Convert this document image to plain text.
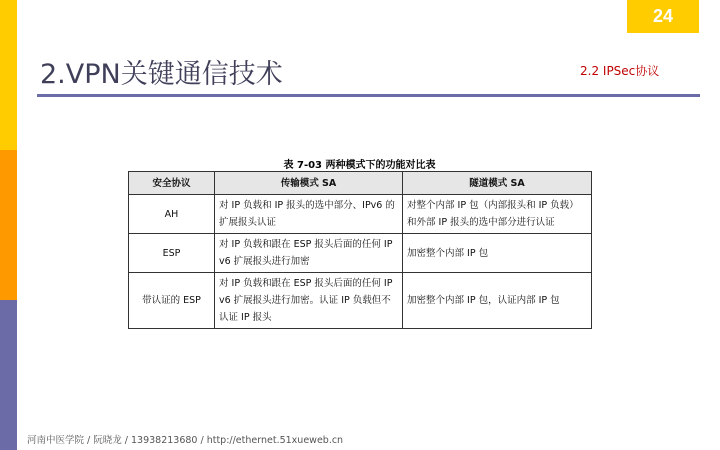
24
2.VPN关键通信技术	2.2 IPSec协议
表 7-03 两种模式下的功能对比表
安全协议	传输模式 SA	隧道模式 SA
AH	对 IP 负载和 IP 报头的选中部分、IPv6 的扩展报头认证	对整个内部 IP 包（内部报头和 IP 负载）和外部 IP 报头的选中部分进行认证
ESP	对 IP 负载和跟在 ESP 报头后面的任何 IPv6 扩展报头进行加密	加密整个内部 IP 包
带认证的 ESP	对 IP 负载和跟在 ESP 报头后面的任何 IPv6 扩展报头进行加密。认证 IP 负载但不认证 IP 报头	加密整个内部 IP 包，认证内部 IP 包
河南中医学院 / 阮晓龙 / 13938213680 / http://ethernet.51xueweb.cn
